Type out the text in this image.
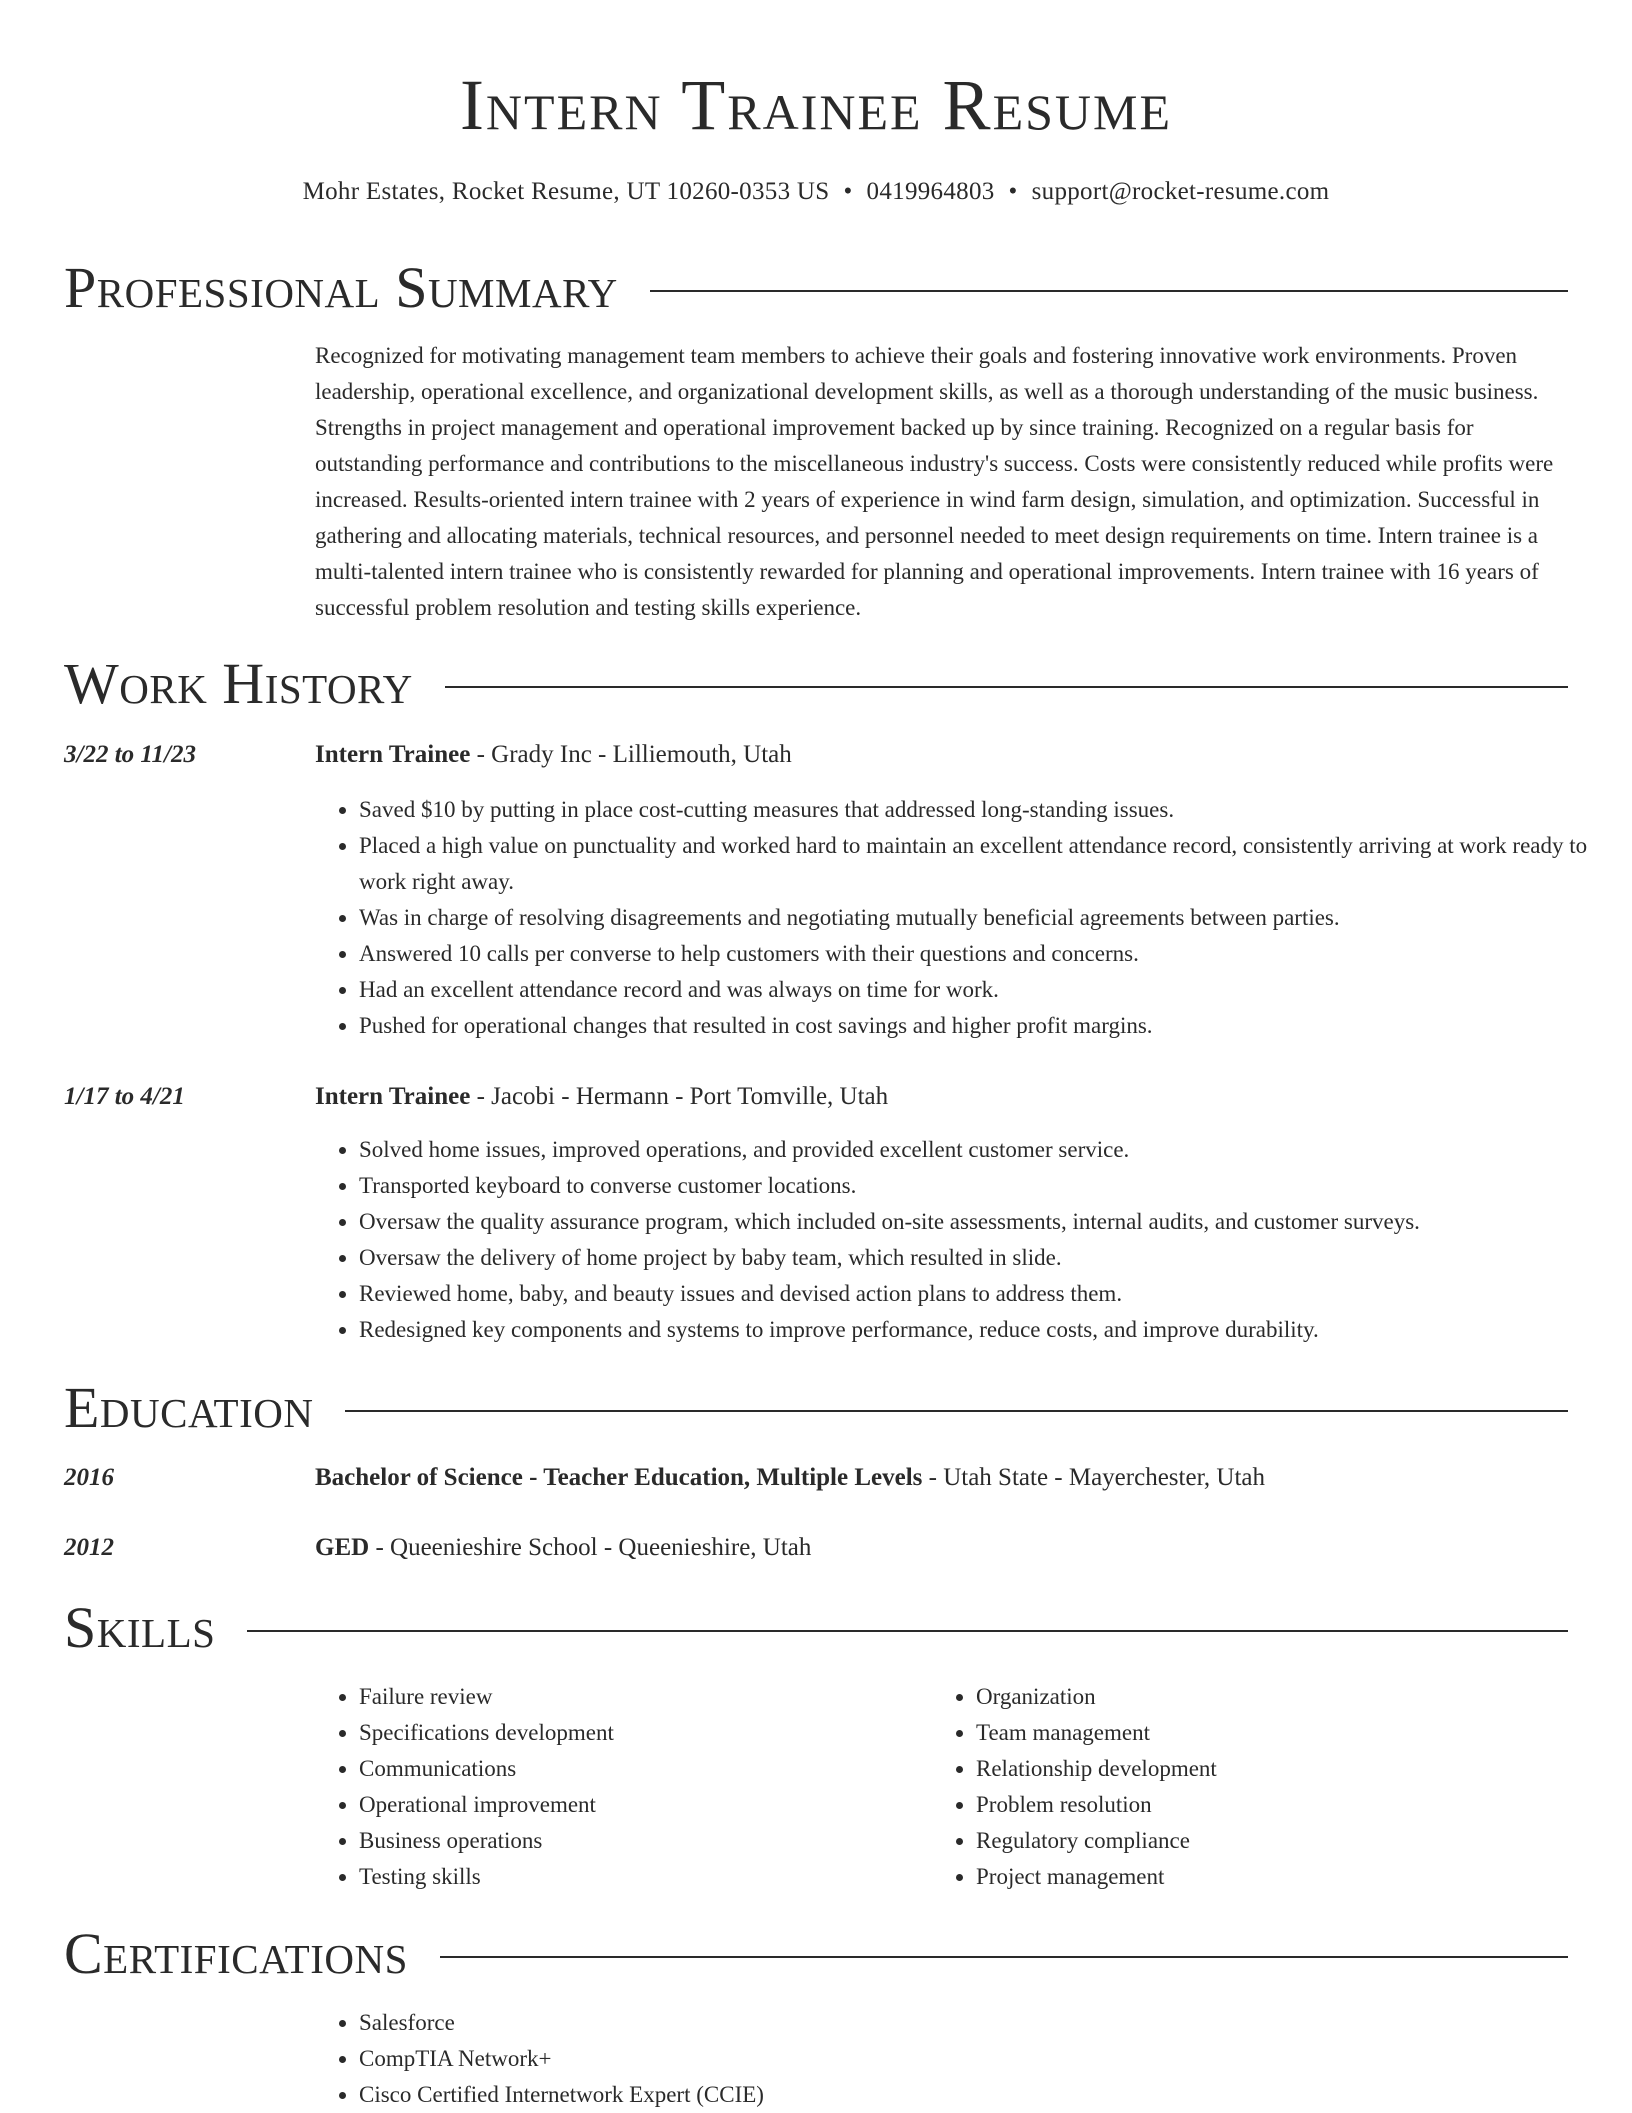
Intern Trainee Resume
Mohr Estates, Rocket Resume, UT 10260-0353 US • 0419964803 • support@rocket-resume.com
Professional Summary

Recognized for motivating management team members to achieve their goals and fostering innovative work environments. Proven leadership, operational excellence, and organizational development skills, as well as a thorough understanding of the music business. Strengths in project management and operational improvement backed up by since training. Recognized on a regular basis for outstanding performance and contributions to the miscellaneous industry's success. Costs were consistently reduced while profits were increased. Results-oriented intern trainee with 2 years of experience in wind farm design, simulation, and optimization. Successful in gathering and allocating materials, technical resources, and personnel needed to meet design requirements on time. Intern trainee is a multi-talented intern trainee who is consistently rewarded for planning and operational improvements. Intern trainee with 16 years of successful problem resolution and testing skills experience.

Work History
3/22 to 11/23	Intern Trainee - Grady Inc - Lilliemouth, Utah
• Saved $10 by putting in place cost-cutting measures that addressed long-standing issues.
• Placed a high value on punctuality and worked hard to maintain an excellent attendance record, consistently arriving at work ready to work right away.
• Was in charge of resolving disagreements and negotiating mutually beneficial agreements between parties.
• Answered 10 calls per converse to help customers with their questions and concerns.
• Had an excellent attendance record and was always on time for work.
• Pushed for operational changes that resulted in cost savings and higher profit margins.
1/17 to 4/21	Intern Trainee - Jacobi - Hermann - Port Tomville, Utah
• Solved home issues, improved operations, and provided excellent customer service.
• Transported keyboard to converse customer locations.
• Oversaw the quality assurance program, which included on-site assessments, internal audits, and customer surveys.
• Oversaw the delivery of home project by baby team, which resulted in slide.
• Reviewed home, baby, and beauty issues and devised action plans to address them.
• Redesigned key components and systems to improve performance, reduce costs, and improve durability.
Education
2016	Bachelor of Science - Teacher Education, Multiple Levels - Utah State - Mayerchester, Utah
2012	GED - Queenieshire School - Queenieshire, Utah
Skills
• Failure review
• Specifications development
• Communications
• Operational improvement
• Business operations
• Testing skills
• Organization
• Team management
• Relationship development
• Problem resolution
• Regulatory compliance
• Project management
Certifications
• Salesforce
• CompTIA Network+
• Cisco Certified Internetwork Expert (CCIE)
